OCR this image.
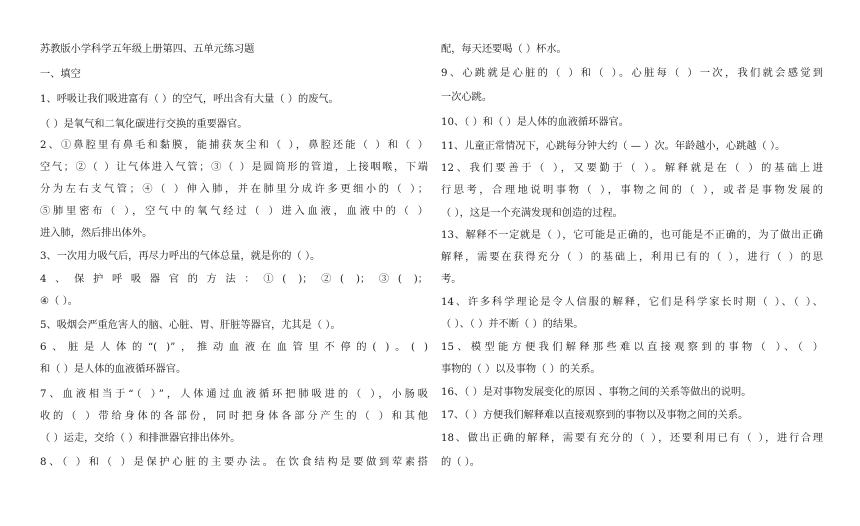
苏教版小学科学五年级上册第四、五单元练习题
一、填空
1、呼吸让我们吸进富有（ ）的空气，呼出含有大量（ ）的废气。
（ ）是氧气和二氧化碳进行交换的重要器官。
2、①鼻腔里有鼻毛和黏膜，能捕获灰尘和（ ），鼻腔还能（ ）和（ ）
空气；②（ ）让气体进入气管；③（ ）是圆筒形的管道，上接咽喉，下端
分为左右支气管；④（ ）伸入肺，并在肺里分成许多更细小的（ ）；
⑤肺里密布（ ），空气中的氧气经过（ ）进入血液，血液中的（ ）
进入肺，然后排出体外。
3、一次用力吸气后，再尽力呼出的气体总量，就是你的（ ）。
4、保护呼吸器官的方法：①( )；②( )；③( )；
④（ ）。
5、吸烟会严重危害人的脑、心脏、胃、肝脏等器官，尤其是（ ）。
6、脏是人体的“( )”，推动血液在血管里不停的( )。( )
和（ ）是人体的血液循环器官。
7、血液相当于“（ ）”，人体通过血液循环把肺吸进的（ ），小肠吸
收的（ ）带给身体的各部份，同时把身体各部分产生的（ ）和其他
（ ）运走，交给（ ）和排泄器官排出体外。
8、（ ）和（ ）是保护心脏的主要办法。在饮食结构是要做到荤素搭
配，每天还要喝（ ）杯水。
9、心跳就是心脏的（ ）和（ ）。心脏每（ ）一次，我们就会感觉到
一次心跳。
10、（ ）和（ ）是人体的血液循环器官。
11、儿童正常情况下，心跳每分钟大约（ — ）次。年龄越小，心跳越（ ）。
12、我们要善于（ ），又要勤于（ ）。解释就是在（ ）的基础上进
行思考，合理地说明事物（ ），事物之间的（ ），或者是事物发展的
（ ），这是一个充满发现和创造的过程。
13、解释不一定就是（ ），它可能是正确的，也可能是不正确的，为了做出正确
解释，需要在获得充分（ ）的基础上，利用已有的（ ），进行（ ）的思
考。
14、许多科学理论是令人信服的解释，它们是科学家长时期（ ）、（ ）、
（ ）、（ ）并不断（ ）的结果。
15、模型能方便我们解释那些难以直接观察到的事物（ ）、（ ）
事物的（ ）以及事物（ ）的关系。
16、（ ）是对事物发展变化的原因 、事物之间的关系等做出的说明。
17、（ ）方便我们解释难以直接观察到的事物以及事物之间的关系。
18、做出正确的解释，需要有充分的（ ），还要利用已有（ ），进行合理
的（ ）。
